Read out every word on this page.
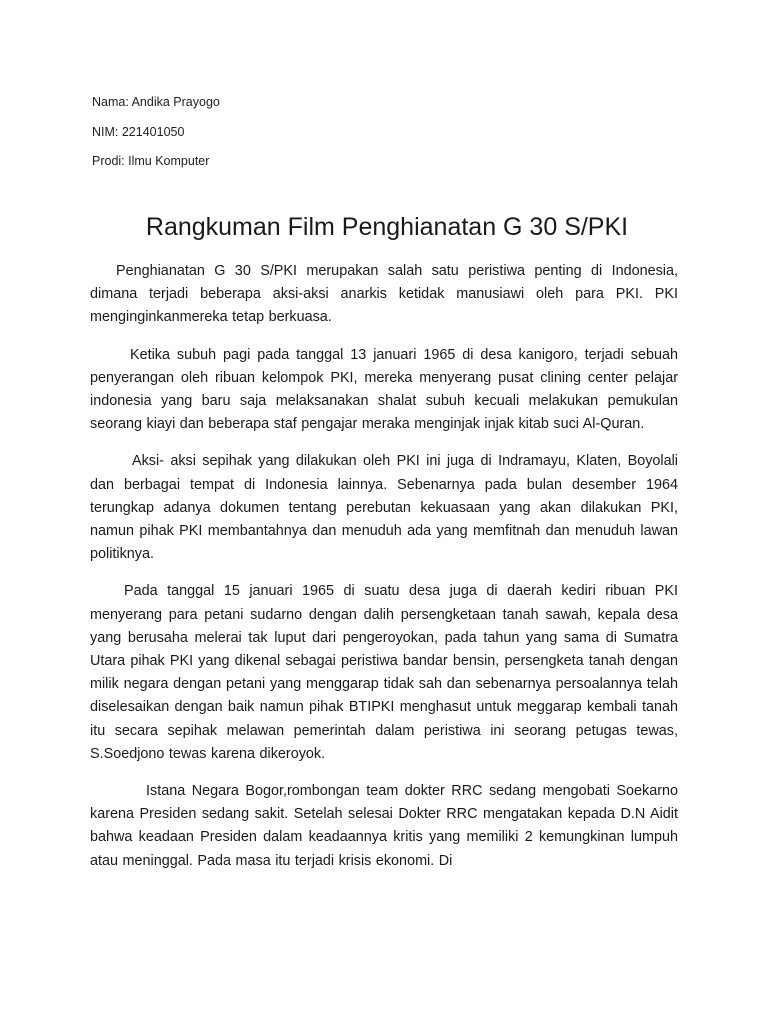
Nama: Andika Prayogo
NIM: 221401050
Prodi: Ilmu Komputer
Rangkuman Film Penghianatan G 30 S/PKI

Penghianatan G 30 S/PKI merupakan salah satu peristiwa penting di Indonesia, dimana terjadi beberapa aksi-aksi anarkis ketidak manusiawi oleh para PKI. PKI menginginkanmereka tetap berkuasa.

Ketika subuh pagi pada tanggal 13 januari 1965 di desa kanigoro, terjadi sebuah penyerangan oleh ribuan kelompok PKI, mereka menyerang pusat clining center pelajar indonesia yang baru saja melaksanakan shalat subuh kecuali melakukan pemukulan seorang kiayi dan beberapa staf pengajar meraka menginjak injak kitab suci Al-Quran.

Aksi- aksi sepihak yang dilakukan oleh PKI ini juga di Indramayu, Klaten, Boyolali dan berbagai tempat di Indonesia lainnya. Sebenarnya pada bulan desember 1964 terungkap adanya dokumen tentang perebutan kekuasaan yang akan dilakukan PKI, namun pihak PKI membantahnya dan menuduh ada yang memfitnah dan menuduh lawan politiknya.

Pada tanggal 15 januari 1965 di suatu desa juga di daerah kediri ribuan PKI menyerang para petani sudarno dengan dalih persengketaan tanah sawah, kepala desa yang berusaha melerai tak luput dari pengeroyokan, pada tahun yang sama di Sumatra Utara pihak PKI yang dikenal sebagai peristiwa bandar bensin, persengketa tanah dengan milik negara dengan petani yang menggarap tidak sah dan sebenarnya persoalannya telah diselesaikan dengan baik namun pihak BTIPKI menghasut untuk meggarap kembali tanah itu secara sepihak melawan pemerintah dalam peristiwa ini seorang petugas tewas, S.Soedjono tewas karena dikeroyok.

Istana Negara Bogor,rombongan team dokter RRC sedang mengobati Soekarno karena Presiden sedang sakit. Setelah selesai Dokter RRC mengatakan kepada D.N Aidit bahwa keadaan Presiden dalam keadaannya kritis yang memiliki 2 kemungkinan lumpuh atau meninggal. Pada masa itu terjadi krisis ekonomi. Di
